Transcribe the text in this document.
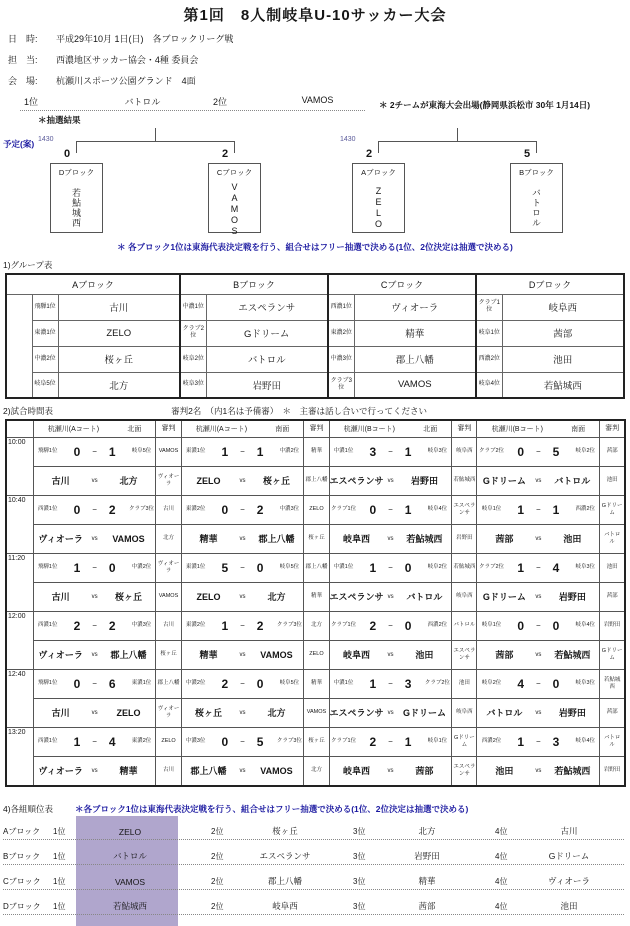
第1回　8人制岐阜U-10サッカー大会
日　時:	平成29年10月 1日(日)　各ブロックリーグ戦
担　当:	西濃地区サッカー協会・4種 委員会
会　場:	杭瀬川スポーツ公園グランド　4面
1位	バトロル	2位	VAMOS	＊ 2チームが東海大会出場(静岡県浜松市 30年 1月14日)
＊抽選結果
予定(案) 1430
0	2
Dブロック
若鮎城西
Cブロック
VAMOS
1430
2	5
Aブロック
ZELO
Bブロック
バトロル
＊ 各ブロック1位は東海代表決定戦を行う、組合せはフリー抽選で決める(1位、2位決定は抽選で決める)
1)グループ表
Aブロック			Bブロック		Cブロック		Dブロック	
	飛騨1位	古川	中濃1位	エスペランサ	西濃1位	ヴィオーラ	クラブ1位	岐阜西
	東濃1位	ZELO	クラブ2位	Gドリーム	東濃2位	精華	岐阜1位	茜部
	中濃2位	桜ヶ丘	岐阜2位	バトロル	中濃3位	郡上八幡	西濃2位	池田
	岐阜5位	北方	岐阜3位	岩野田	クラブ3位	VAMOS	岐阜4位	若鮎城西
2)試合時間表	審判2名　（内1名は予備審）　＊　主審は話し合いで行ってください

	杭瀬川(Aコート) 北面	審判	杭瀬川(Aコート) 南面	審判	杭瀬川(Bコート) 北面	審判	杭瀬川(Bコート) 南面	審判
10:00	飛騨1位 0 − 1 岐阜5位	VAMOS	東濃1位 1 − 1 中濃2位	精華	中濃1位 3 − 1 岐阜3位	岐阜西	クラブ2位 0 − 5 岐阜2位	茜部

	古川 vs 北方	ヴィオーラ	ZELO vs 桜ヶ丘	郡上八幡	エスペランサ vs 岩野田	若鮎城西	Gドリーム vs バトロル	池田
10:40	西濃1位 0 − 2 クラブ3位	古川	東濃2位 0 − 2 中濃3位	ZELO	クラブ1位 0 − 1 岐阜4位	エスペランサ	岐阜1位 1 − 1 西濃2位	Gドリーム

	ヴィオーラ vs VAMOS	北方	精華 vs 郡上八幡	桜ヶ丘	岐阜西 vs 若鮎城西	岩野田	茜部 vs 池田	バトロル
11:20	飛騨1位 1 − 0 中濃2位	ヴィオーラ	東濃1位 5 − 0 岐阜5位	郡上八幡	中濃1位 1 − 0 岐阜2位	若鮎城西	クラブ2位 1 − 4 岐阜3位	池田

	古川 vs 桜ヶ丘	VAMOS	ZELO vs 北方	精華	エスペランサ vs バトロル	岐阜西	Gドリーム vs 岩野田	茜部
12:00	西濃1位 2 − 2 中濃3位	古川	東濃2位 1 − 2 クラブ3位	北方	クラブ1位 2 − 0 西濃2位	バトロル	岐阜1位 0 − 0 岐阜4位	岩野田

	ヴィオーラ vs 郡上八幡	桜ヶ丘	精華 vs VAMOS	ZELO	岐阜西 vs 池田	エスペランサ	茜部 vs 若鮎城西	Gドリーム
12:40	飛騨1位 0 − 6 東濃1位	郡上八幡	中濃2位 2 − 0 岐阜5位	精華	中濃1位 1 − 3 クラブ2位	池田	岐阜2位 4 − 0 岐阜3位	若鮎城西

	古川 vs ZELO	ヴィオーラ	桜ヶ丘 vs 北方	VAMOS	エスペランサ vs Gドリーム	岐阜西	バトロル vs 岩野田	茜部
13:20	西濃1位 1 − 4 東濃2位	ZELO	中濃3位 0 − 5 クラブ3位	桜ヶ丘	クラブ1位 2 − 1 岐阜1位	Gドリーム	西濃2位 1 − 3 岐阜4位	バトロル

	ヴィオーラ vs 精華	古川	郡上八幡 vs VAMOS	北方	岐阜西 vs 茜部	エスペランサ	池田 vs 若鮎城西	岩野田
4)各組順位表	＊各ブロック1位は東海代表決定戦を行う、組合せはフリー抽選で決める(1位、2位決定は抽選で決める)
Aブロック	1位	ZELO	2位	桜ヶ丘	3位	北方	4位	古川
Bブロック	1位	バトロル	2位	エスペランサ	3位	岩野田	4位	Gドリーム
Cブロック	1位	VAMOS	2位	郡上八幡	3位	精華	4位	ヴィオーラ
Dブロック	1位	若鮎城西	2位	岐阜西	3位	茜部	4位	池田
